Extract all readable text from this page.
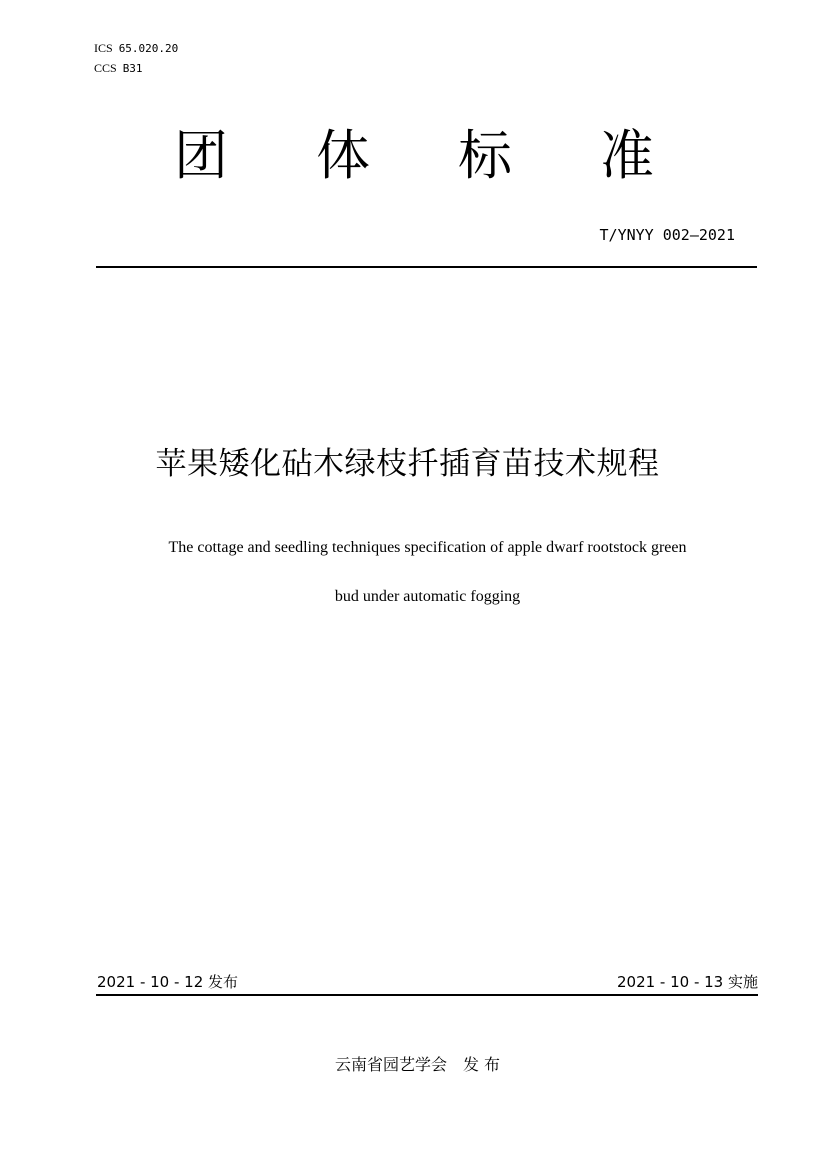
ICS 65.020.20
CCS B31
团 体 标 准
T/YNYY 002—2021
苹果矮化砧木绿枝扦插育苗技术规程
The cottage and seedling techniques specification of apple dwarf rootstock green
bud under automatic fogging
2021 - 10 - 12 发布	2021 - 10 - 13 实施
云南省园艺学会　发 布
